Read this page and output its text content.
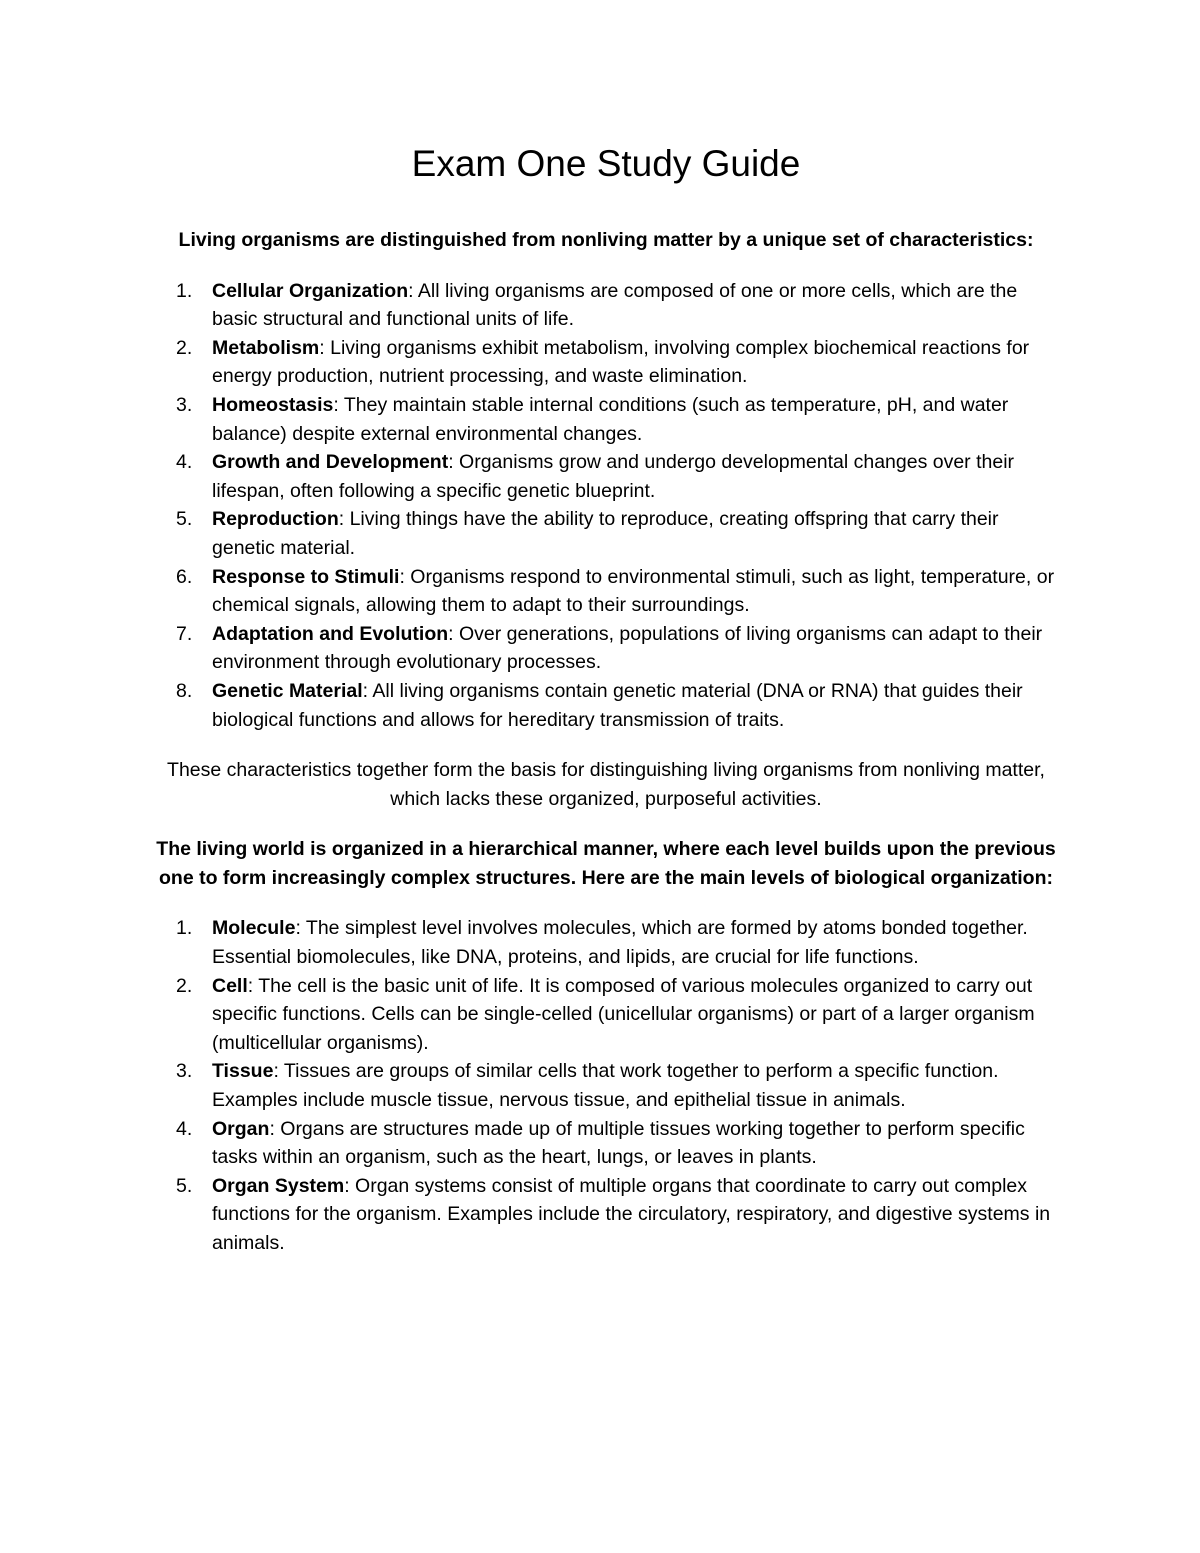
Exam One Study Guide

Living organisms are distinguished from nonliving matter by a unique set of characteristics:

1. Cellular Organization: All living organisms are composed of one or more cells, which are the basic structural and functional units of life.
2. Metabolism: Living organisms exhibit metabolism, involving complex biochemical reactions for energy production, nutrient processing, and waste elimination.
3. Homeostasis: They maintain stable internal conditions (such as temperature, pH, and water balance) despite external environmental changes.
4. Growth and Development: Organisms grow and undergo developmental changes over their lifespan, often following a specific genetic blueprint.
5. Reproduction: Living things have the ability to reproduce, creating offspring that carry their genetic material.
6. Response to Stimuli: Organisms respond to environmental stimuli, such as light, temperature, or chemical signals, allowing them to adapt to their surroundings.
7. Adaptation and Evolution: Over generations, populations of living organisms can adapt to their environment through evolutionary processes.
8. Genetic Material: All living organisms contain genetic material (DNA or RNA) that guides their biological functions and allows for hereditary transmission of traits.

These characteristics together form the basis for distinguishing living organisms from nonliving matter, which lacks these organized, purposeful activities.

The living world is organized in a hierarchical manner, where each level builds upon the previous one to form increasingly complex structures. Here are the main levels of biological organization:

1. Molecule: The simplest level involves molecules, which are formed by atoms bonded together. Essential biomolecules, like DNA, proteins, and lipids, are crucial for life functions.
2. Cell: The cell is the basic unit of life. It is composed of various molecules organized to carry out specific functions. Cells can be single-celled (unicellular organisms) or part of a larger organism (multicellular organisms).
3. Tissue: Tissues are groups of similar cells that work together to perform a specific function. Examples include muscle tissue, nervous tissue, and epithelial tissue in animals.
4. Organ: Organs are structures made up of multiple tissues working together to perform specific tasks within an organism, such as the heart, lungs, or leaves in plants.
5. Organ System: Organ systems consist of multiple organs that coordinate to carry out complex functions for the organism. Examples include the circulatory, respiratory, and digestive systems in animals.
